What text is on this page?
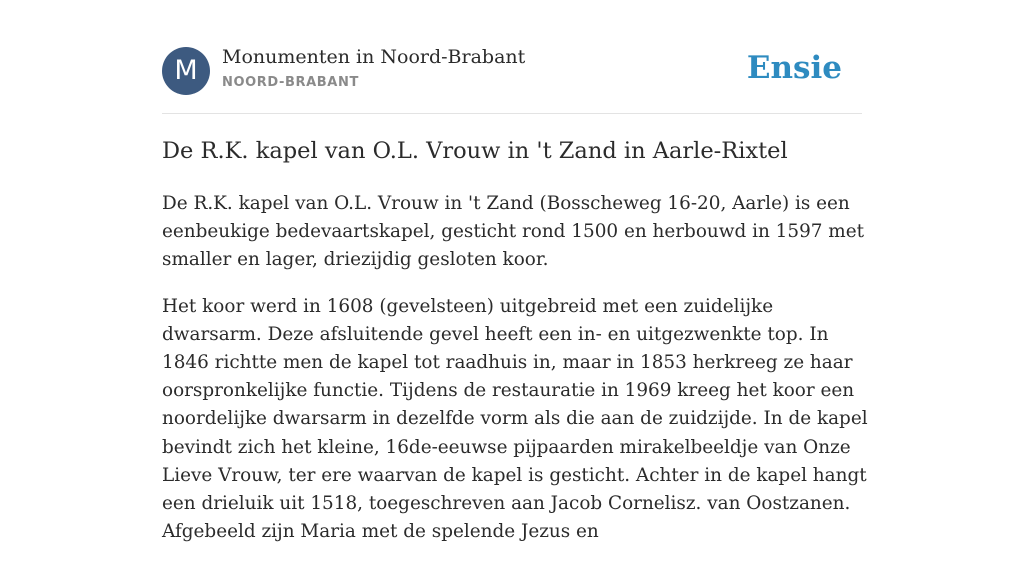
M	Monumenten in Noord-Brabant
NOORD-BRABANT	Ensie
De R.K. kapel van O.L. Vrouw in 't Zand in Aarle-Rixtel

De R.K. kapel van O.L. Vrouw in 't Zand (Bosscheweg 16-20, Aarle) is een eenbeukige bedevaartskapel, gesticht rond 1500 en herbouwd in 1597 met smaller en lager, driezijdig gesloten koor.

Het koor werd in 1608 (gevelsteen) uitgebreid met een zuidelijke dwarsarm. Deze afsluitende gevel heeft een in- en uitgezwenkte top. In 1846 richtte men de kapel tot raadhuis in, maar in 1853 herkreeg ze haar oorspronkelijke functie. Tijdens de restauratie in 1969 kreeg het koor een noordelijke dwarsarm in dezelfde vorm als die aan de zuidzijde. In de kapel bevindt zich het kleine, 16de-eeuwse pijpaarden mirakelbeeldje van Onze Lieve Vrouw, ter ere waarvan de kapel is gesticht. Achter in de kapel hangt een drieluik uit 1518, toegeschreven aan Jacob Cornelisz. van Oostzanen. Afgebeeld zijn Maria met de spelende Jezus en
